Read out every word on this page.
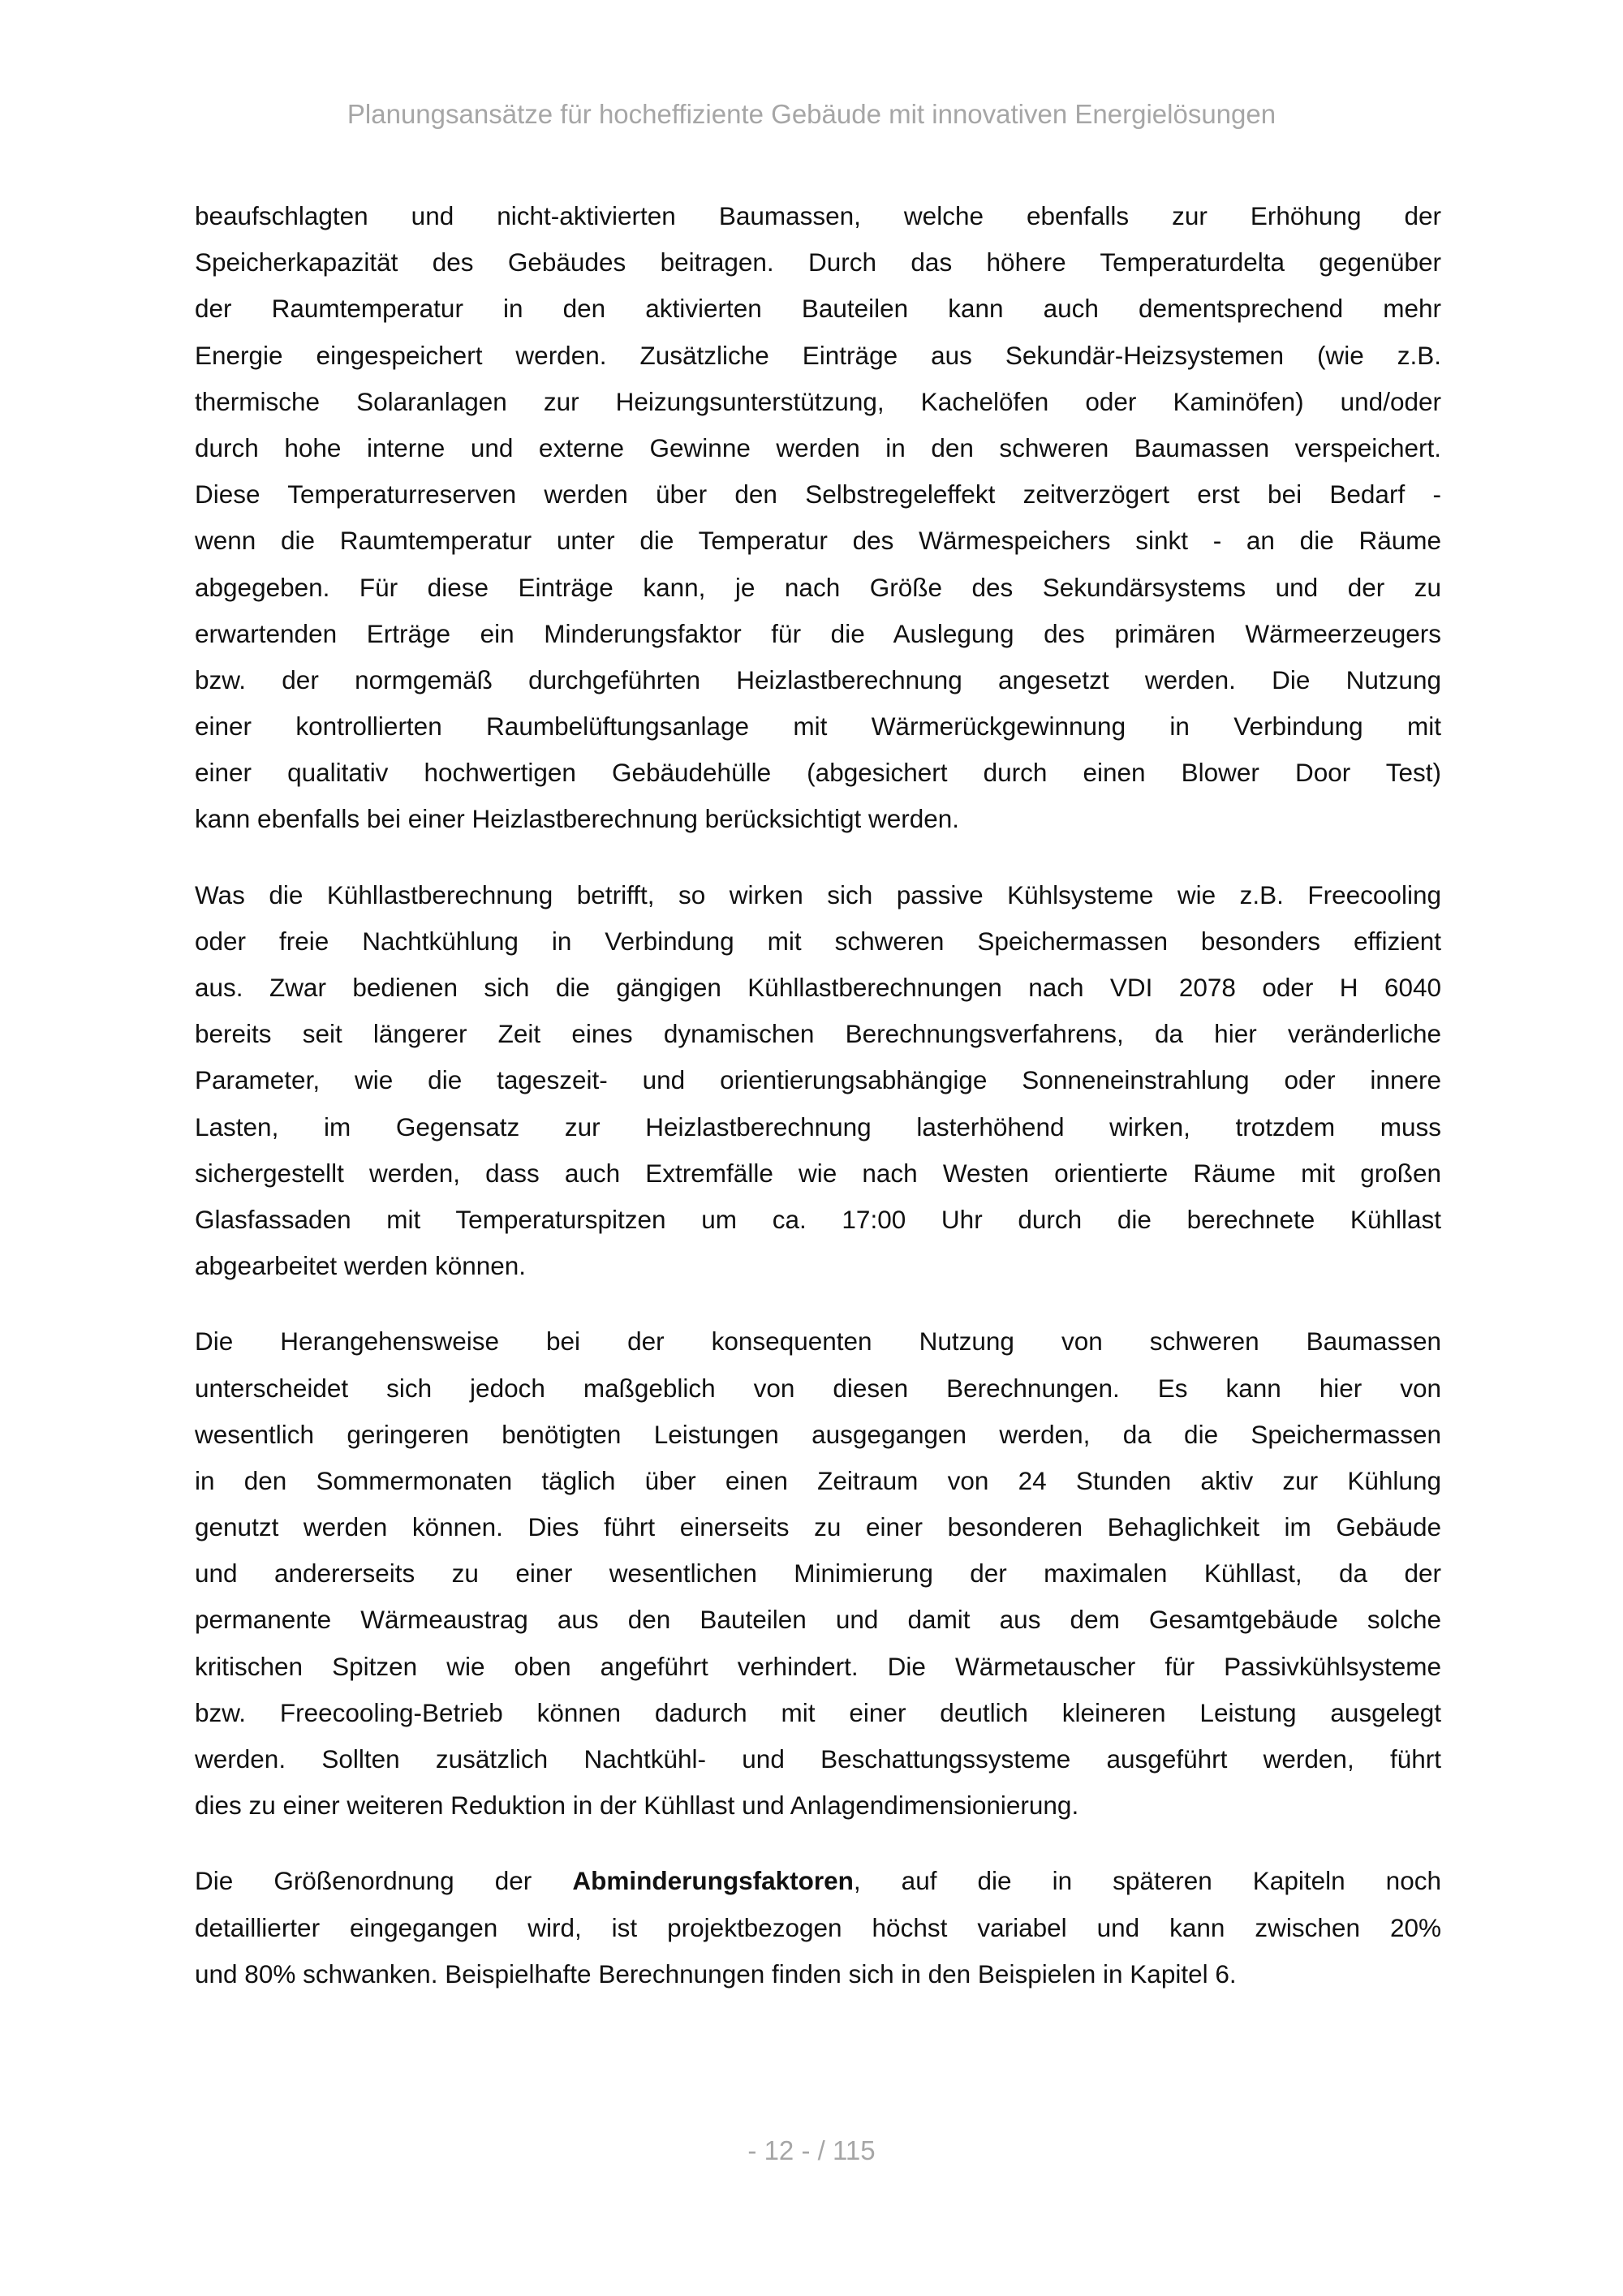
Planungsansätze für hocheffiziente Gebäude mit innovativen Energielösungen
beaufschlagten und nicht-aktivierten Baumassen, welche ebenfalls zur Erhöhung der
Speicherkapazität des Gebäudes beitragen. Durch das höhere Temperaturdelta gegenüber
der Raumtemperatur in den aktivierten Bauteilen kann auch dementsprechend mehr
Energie eingespeichert werden. Zusätzliche Einträge aus Sekundär-Heizsystemen (wie z.B.
thermische Solaranlagen zur Heizungsunterstützung, Kachelöfen oder Kaminöfen) und/oder
durch hohe interne und externe Gewinne werden in den schweren Baumassen verspeichert.
Diese Temperaturreserven werden über den Selbstregeleffekt zeitverzögert erst bei Bedarf -
wenn die Raumtemperatur unter die Temperatur des Wärmespeichers sinkt - an die Räume
abgegeben. Für diese Einträge kann, je nach Größe des Sekundärsystems und der zu
erwartenden Erträge ein Minderungsfaktor für die Auslegung des primären Wärmeerzeugers
bzw. der normgemäß durchgeführten Heizlastberechnung angesetzt werden. Die Nutzung
einer kontrollierten Raumbelüftungsanlage mit Wärmerückgewinnung in Verbindung mit
einer qualitativ hochwertigen Gebäudehülle (abgesichert durch einen Blower Door Test)
kann ebenfalls bei einer Heizlastberechnung berücksichtigt werden.
Was die Kühllastberechnung betrifft, so wirken sich passive Kühlsysteme wie z.B. Freecooling
oder freie Nachtkühlung in Verbindung mit schweren Speichermassen besonders effizient
aus. Zwar bedienen sich die gängigen Kühllastberechnungen nach VDI 2078 oder H 6040
bereits seit längerer Zeit eines dynamischen Berechnungsverfahrens, da hier veränderliche
Parameter, wie die tageszeit- und orientierungsabhängige Sonneneinstrahlung oder innere
Lasten, im Gegensatz zur Heizlastberechnung lasterhöhend wirken, trotzdem muss
sichergestellt werden, dass auch Extremfälle wie nach Westen orientierte Räume mit großen
Glasfassaden mit Temperaturspitzen um ca. 17:00 Uhr durch die berechnete Kühllast
abgearbeitet werden können.
Die Herangehensweise bei der konsequenten Nutzung von schweren Baumassen
unterscheidet sich jedoch maßgeblich von diesen Berechnungen. Es kann hier von
wesentlich geringeren benötigten Leistungen ausgegangen werden, da die Speichermassen
in den Sommermonaten täglich über einen Zeitraum von 24 Stunden aktiv zur Kühlung
genutzt werden können. Dies führt einerseits zu einer besonderen Behaglichkeit im Gebäude
und andererseits zu einer wesentlichen Minimierung der maximalen Kühllast, da der
permanente Wärmeaustrag aus den Bauteilen und damit aus dem Gesamtgebäude solche
kritischen Spitzen wie oben angeführt verhindert. Die Wärmetauscher für Passivkühlsysteme
bzw. Freecooling-Betrieb können dadurch mit einer deutlich kleineren Leistung ausgelegt
werden. Sollten zusätzlich Nachtkühl- und Beschattungssysteme ausgeführt werden, führt
dies zu einer weiteren Reduktion in der Kühllast und Anlagendimensionierung.
Die Größenordnung der Abminderungsfaktoren, auf die in späteren Kapiteln noch
detaillierter eingegangen wird, ist projektbezogen höchst variabel und kann zwischen 20%
und 80% schwanken. Beispielhafte Berechnungen finden sich in den Beispielen in Kapitel 6.
- 12 - / 115
